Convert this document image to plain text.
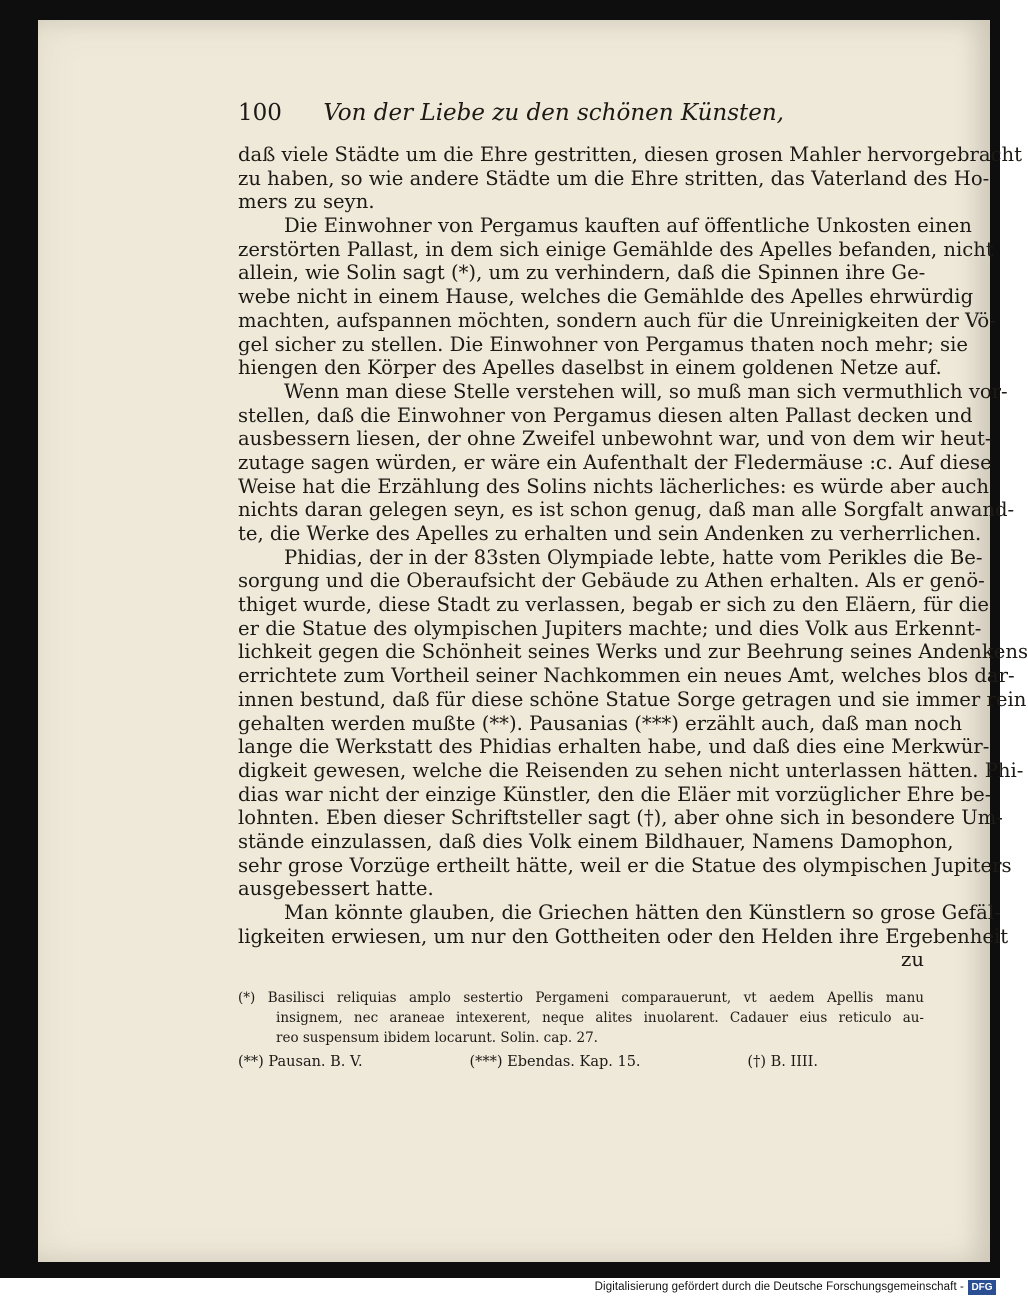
100 Von der Liebe zu den schönen Künsten,
daß viele Städte um die Ehre gestritten, diesen grosen Mahler hervorgebracht
zu haben, so wie andere Städte um die Ehre stritten, das Vaterland des Ho-
mers zu seyn.
Die Einwohner von Pergamus kauften auf öffentliche Unkosten einen
zerstörten Pallast, in dem sich einige Gemählde des Apelles befanden, nicht
allein, wie Solin sagt (*), um zu verhindern, daß die Spinnen ihre Ge-
webe nicht in einem Hause, welches die Gemählde des Apelles ehrwürdig
machten, aufspannen möchten, sondern auch für die Unreinigkeiten der Vö-
gel sicher zu stellen. Die Einwohner von Pergamus thaten noch mehr; sie
hiengen den Körper des Apelles daselbst in einem goldenen Netze auf.
Wenn man diese Stelle verstehen will, so muß man sich vermuthlich vor-
stellen, daß die Einwohner von Pergamus diesen alten Pallast decken und
ausbessern liesen, der ohne Zweifel unbewohnt war, und von dem wir heut-
zutage sagen würden, er wäre ein Aufenthalt der Fledermäuse :c. Auf diese
Weise hat die Erzählung des Solins nichts lächerliches: es würde aber auch
nichts daran gelegen seyn, es ist schon genug, daß man alle Sorgfalt anwand-
te, die Werke des Apelles zu erhalten und sein Andenken zu verherrlichen.
Phidias, der in der 83sten Olympiade lebte, hatte vom Perikles die Be-
sorgung und die Oberaufsicht der Gebäude zu Athen erhalten. Als er genö-
thiget wurde, diese Stadt zu verlassen, begab er sich zu den Eläern, für die
er die Statue des olympischen Jupiters machte; und dies Volk aus Erkennt-
lichkeit gegen die Schönheit seines Werks und zur Beehrung seines Andenkens
errichtete zum Vortheil seiner Nachkommen ein neues Amt, welches blos dar-
innen bestund, daß für diese schöne Statue Sorge getragen und sie immer rein
gehalten werden mußte (**). Pausanias (***) erzählt auch, daß man noch
lange die Werkstatt des Phidias erhalten habe, und daß dies eine Merkwür-
digkeit gewesen, welche die Reisenden zu sehen nicht unterlassen hätten. Phi-
dias war nicht der einzige Künstler, den die Eläer mit vorzüglicher Ehre be-
lohnten. Eben dieser Schriftsteller sagt (†), aber ohne sich in besondere Um-
stände einzulassen, daß dies Volk einem Bildhauer, Namens Damophon,
sehr grose Vorzüge ertheilt hätte, weil er die Statue des olympischen Jupiters
ausgebessert hatte.
Man könnte glauben, die Griechen hätten den Künstlern so grose Gefäl-
ligkeiten erwiesen, um nur den Gottheiten oder den Helden ihre Ergebenheit
zu
(*) Basilisci reliquias amplo sestertio Pergameni comparauerunt, vt aedem Apellis manu
insignem, nec araneae intexerent, neque alites inuolarent. Cadauer eius reticulo au-
reo suspensum ibidem locarunt. Solin. cap. 27.
(**) Pausan. B. V.	(***) Ebendas. Kap. 15.	(†) B. IIII.
Digitalisierung gefördert durch die Deutsche Forschungsgemeinschaft - DFG
